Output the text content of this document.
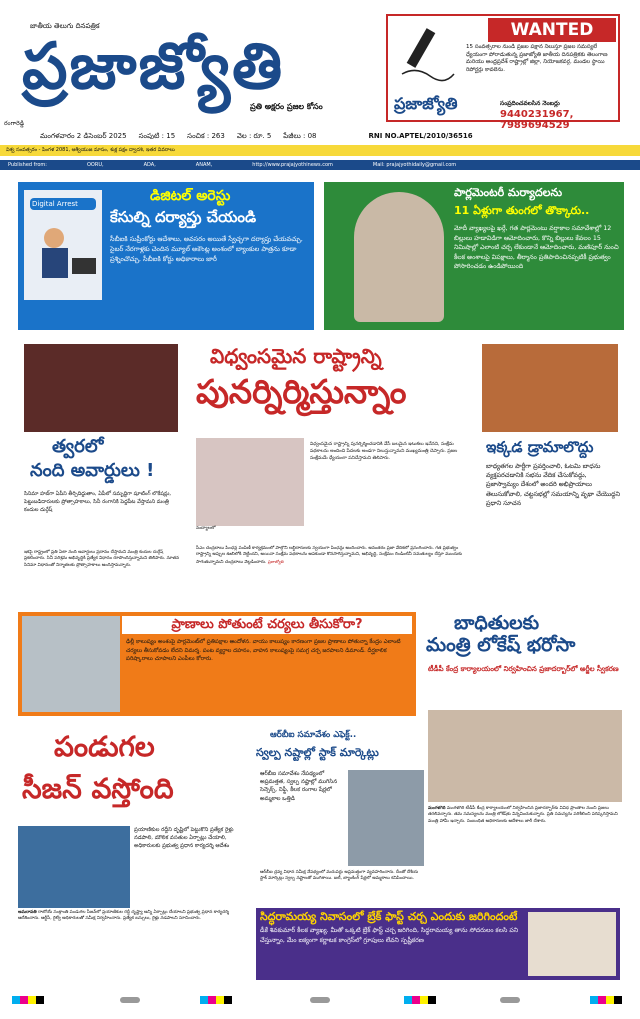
జాతీయ తెలుగు దినపత్రిక
ప్రజాజ్యోతి
ప్రతి అక్షరం ప్రజల కోసం
రంగారెడ్డి
WANTED
15 సంవత్సరాల నుండి ప్రజల పక్షాన నిలుస్తూ ప్రజల సమస్యలే ధ్యేయంగా పోరాడుతున్న ప్రజాజ్యోతి జాతీయ దినపత్రికకు తెలంగాణ మరియు ఆంధ్రప్రదేశ్ రాష్ట్రాల్లో జిల్లా, నియోజకవర్గ, మండల స్థాయి రిపోర్టర్లు కావలెను.
ప్రజాజ్యోతి	సంప్రదించవలసిన నెంబర్లు
9440231967, 7989694529
మంగళవారం 2 డిసెంబర్ 2025 సంపుటి : 15 సంచిక : 263 వెల : రూ. 5 పేజీలు : 08	RNI NO.APTEL/2010/36516
విశ్వ సంవత్సరం - పింగళ 2081, ఆశ్వీయుజ మాసం, శుక్ల పక్షం ద్వాదశి, ఇతర వివరాలు
Published from:	OORU,	ADA,	ANAM,	http://www.prajajyothinews.com	Mail: prajajyothidaily@gmail.com
Digital Arrest	డిజిటల్ అరెస్టు
కేసుల్ని దర్యాప్తు చేయండి
సీబీఐకి సుప్రీంకోర్టు ఆదేశాలు, అవసరం అయితే స్వేచ్ఛగా దర్యాప్తు చేయవచ్చు, సైబర్ నేరగాళ్లకు చెందిన మ్యూల్ అకౌంట్ల అంశంలో బ్యాంకుల పాత్రను కూడా ప్రశ్నించొచ్చు, సీబీఐకి కోర్టు అధికారాలు జారీ
పార్లమెంటరీ మర్యాదలను
11 ఏళ్లుగా తుంగలో తొక్కారు..
మోదీ వ్యాఖ్యలపై ఖర్గే, గత పార్లమెంటు వర్షాకాల సమావేశాల్లో 12 బిల్లులు హడావిడిగా ఆమోదించారు, కొన్ని బిల్లులు కేవలం 15 నిమిషాల్లో ఎలాంటి చర్చ లేకుండానే ఆమోదించారు, మణిపూర్ నుంచి కీలక అంశాలపై విపక్షాలు, తీర్మానం ప్రతిపాదించినప్పటికీ ప్రభుత్వం పోసారించడం ఉండిపోయింది
విధ్వంసమైన రాష్ట్రాన్ని
పునర్నిర్మిస్తున్నాం
నంద్యాలలో
విధ్వంసమైన రాష్ట్రాన్ని పునర్నిర్మించడానికి వేసే బలమైన ఇటుకలు ఇవేనని, సంక్షేమ పథకాలను అందించి పేదలకు అండగా నిలుస్తున్నామని ముఖ్యమంత్రి చెప్పారు. ప్రజల సంక్షేమమే ధ్యేయంగా పనిచేస్తామని తెలిపారు.
సీఎం చంద్రబాబు పింఛన్ల పంపిణీ కార్యక్రమంలో పాల్గొని లబ్ధిదారులకు స్వయంగా పింఛన్లు అందించారు. అనంతరం ప్రజా వేదికలో ప్రసంగించారు. గత ప్రభుత్వం రాష్ట్రాన్ని అప్పుల ఊబిలోకి నెట్టిందని, అయినా సంక్షేమ పథకాలను ఆపకుండా కొనసాగిస్తున్నామని, అభివృద్ధి, సంక్షేమం రెండింటినీ సమతుల్యం చేస్తూ ముందుకు సాగుతున్నామని చంద్రబాబు వెల్లడించారు. ప్రజాజ్యోతి
త్వరలో
నంది అవార్డులు !
సినిమా హబ్‌గా ఏపీని తీర్చిదిద్దుతాం, ఏపీలో సమృద్ధిగా షూటింగ్ లొకేషన్లు, పెట్టుబడిదారులకు ప్రోత్సాహకాలు, సినీ రంగానికి పెద్దపీట వేస్తామని మంత్రి కందుల దుర్గేష్
ఇకపై రాష్ట్రంలో ప్రతి ఏటా నంది అవార్డులు ప్రదానం చేస్తామని మంత్రి కందుల దుర్గేష్ ప్రకటించారు. సినీ పరిశ్రమ అభివృద్ధికి ప్రత్యేక విధానం రూపొందిస్తున్నామని తెలిపారు. నూతన సినిమా విధానంతో నిర్మాతలకు ప్రోత్సాహకాలు అందిస్తామన్నారు.
ఇక్కడ డ్రామాలొద్దు
బాధ్యతగల పార్టీగా ప్రవర్తించాలి, ఓటమి బాధను వ్యక్తపరచడానికి సభను వేదిక చేసుకోవద్దు, ప్రజాస్వామ్యం దేశంలో అందరి అభిప్రాయాలు తెలుసుకోవాలి, చట్టసభల్లో సమయాన్ని వృథా చేయొద్దని ప్రధాని సూచన
ప్రాణాలు పోతుంటే చర్యలు తీసుకోరా?
ఢిల్లీ కాలుష్యం అంశంపై పార్లమెంట్‌లో ప్రతిపక్షాల ఆందోళన. వాయు కాలుష్యం కారణంగా ప్రజల ప్రాణాలు పోతున్నా కేంద్రం ఎలాంటి చర్యలు తీసుకోవడం లేదని విమర్శ. పంట వ్యర్థాల దహనం, వాహన కాలుష్యంపై సమగ్ర చర్చ జరపాలని డిమాండ్. దీర్ఘకాలిక పరిష్కారాలు చూపాలని ఎంపీలు కోరారు.
బాధితులకు
మంత్రి లోకేష్ భరోసా
టీడీపీ కేంద్ర కార్యాలయంలో నిర్వహించిన ప్రజాదర్బార్‌లో అర్జీల స్వీకరణ
మంగళగిరి మంగళగిరి టీడీపీ కేంద్ర కార్యాలయంలో నిర్వహించిన ప్రజాదర్బార్‌కు వివిధ ప్రాంతాల నుంచి ప్రజలు తరలివచ్చారు. తమ సమస్యలను మంత్రి లోకేష్‌కు విన్నవించుకున్నారు. ప్రతి సమస్యను పరిశీలించి పరిష్కరిస్తామని మంత్రి హామీ ఇచ్చారు. సంబంధిత అధికారులకు ఆదేశాలు జారీ చేశారు.
పండుగల
సీజన్ వస్తోంది
ప్రయాణికుల రద్దీని దృష్టిలో పెట్టుకొని ప్రత్యేక రైళ్లు నడపాలి, మౌలిక వసతుల ఏర్పాట్లు చేయాలి, అధికారులకు ప్రభుత్వ ప్రధాన కార్యదర్శి ఆదేశం
అమరావతి రాబోయే సంక్రాంతి పండుగల సీజన్‌లో ప్రయాణికుల రద్దీ దృష్ట్యా అన్ని ఏర్పాట్లు చేయాలని ప్రభుత్వ ప్రధాన కార్యదర్శి ఆదేశించారు. ఆర్టీసీ, రైల్వే అధికారులతో సమీక్ష నిర్వహించారు. ప్రత్యేక బస్సులు, రైళ్లు నడపాలని సూచించారు.
ఆర్‌బీఐ సమావేశం ఎఫెక్ట్..
స్వల్ప నష్టాల్లో స్టాక్ మార్కెట్లు
ఆర్‌బీఐ సమావేశం నేపథ్యంలో అప్రమత్తత, స్వల్ప నష్టాల్లో ముగిసిన సెన్సెక్స్, నిఫ్టీ, కీలక రంగాల షేర్లలో అమ్మకాల ఒత్తిడి
ఆర్‌బీఐ ద్రవ్య విధాన సమీక్ష నేపథ్యంలో మదుపర్లు అప్రమత్తంగా వ్యవహరించారు. దీంతో దేశీయ స్టాక్ మార్కెట్లు స్వల్ప నష్టాలతో ముగిశాయి. ఐటీ, బ్యాంకింగ్ షేర్లలో అమ్మకాలు కనిపించాయి.
సిద్ధరామయ్య నివాసంలో బ్రేక్ ఫాస్ట్ చర్చ ఎందుకు జరిగిందంటే
డీకే శివకుమార్ కీలక వ్యాఖ్య. మీతో ఒక్కటి బ్రేక్ ఫాస్ట్ చర్చ జరిగింది, సిద్ధరామయ్య తాను సోదరులం కలసి పని చేస్తున్నాం, మేం ఐక్యంగా కర్ణాటక కాంగ్రెస్‌లో గ్రూపులు లేవని స్పష్టీకరణ
